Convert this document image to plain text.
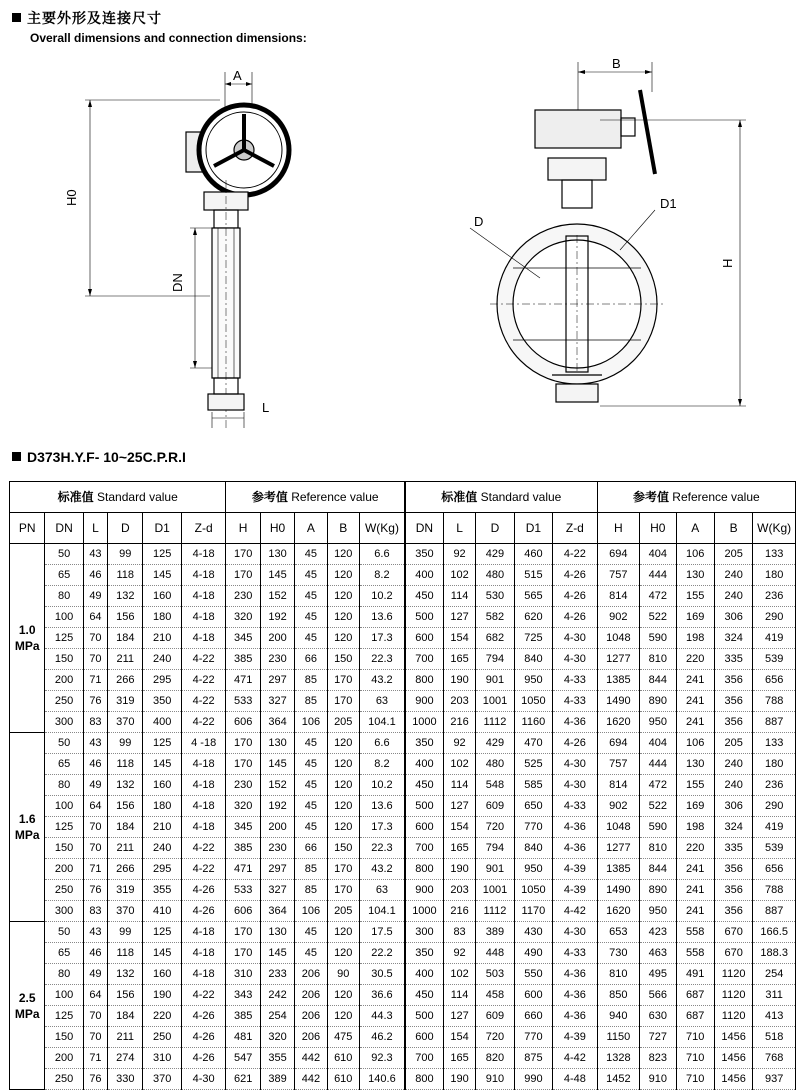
主要外形及连接尺寸
Overall dimensions and connection dimensions:
A
H0
DN
L
B
D
D1
H
D373H.Y.F- 10~25C.P.R.I
标准值 Standard value						参考值 Reference value					标准值 Standard value					参考值 Reference value				
PN	DN	L	D	D1	Z-d	H	H0	A	B	W(Kg)	DN	L	D	D1	Z-d	H	H0	A	B	W(Kg)

1.0
MPa	50	43	99	125	4-18	170	130	45	120	6.6	350	92	429	460	4-22	694	404	106	205	133
	65	46	118	145	4-18	170	145	45	120	8.2	400	102	480	515	4-26	757	444	130	240	180
	80	49	132	160	4-18	230	152	45	120	10.2	450	114	530	565	4-26	814	472	155	240	236
	100	64	156	180	4-18	320	192	45	120	13.6	500	127	582	620	4-26	902	522	169	306	290
	125	70	184	210	4-18	345	200	45	120	17.3	600	154	682	725	4-30	1048	590	198	324	419
	150	70	211	240	4-22	385	230	66	150	22.3	700	165	794	840	4-30	1277	810	220	335	539
	200	71	266	295	4-22	471	297	85	170	43.2	800	190	901	950	4-33	1385	844	241	356	656
	250	76	319	350	4-22	533	327	85	170	63	900	203	1001	1050	4-33	1490	890	241	356	788
	300	83	370	400	4-22	606	364	106	205	104.1	1000	216	1112	1160	4-36	1620	950	241	356	887

1.6
MPa	50	43	99	125	4 -18	170	130	45	120	6.6	350	92	429	470	4-26	694	404	106	205	133
	65	46	118	145	4-18	170	145	45	120	8.2	400	102	480	525	4-30	757	444	130	240	180
	80	49	132	160	4-18	230	152	45	120	10.2	450	114	548	585	4-30	814	472	155	240	236
	100	64	156	180	4-18	320	192	45	120	13.6	500	127	609	650	4-33	902	522	169	306	290
	125	70	184	210	4-18	345	200	45	120	17.3	600	154	720	770	4-36	1048	590	198	324	419
	150	70	211	240	4-22	385	230	66	150	22.3	700	165	794	840	4-36	1277	810	220	335	539
	200	71	266	295	4-22	471	297	85	170	43.2	800	190	901	950	4-39	1385	844	241	356	656
	250	76	319	355	4-26	533	327	85	170	63	900	203	1001	1050	4-39	1490	890	241	356	788
	300	83	370	410	4-26	606	364	106	205	104.1	1000	216	1112	1170	4-42	1620	950	241	356	887

2.5
MPa	50	43	99	125	4-18	170	130	45	120	17.5	300	83	389	430	4-30	653	423	558	670	166.5
	65	46	118	145	4-18	170	145	45	120	22.2	350	92	448	490	4-33	730	463	558	670	188.3
	80	49	132	160	4-18	310	233	206	90	30.5	400	102	503	550	4-36	810	495	491	1120	254
	100	64	156	190	4-22	343	242	206	120	36.6	450	114	458	600	4-36	850	566	687	1120	311
	125	70	184	220	4-26	385	254	206	120	44.3	500	127	609	660	4-36	940	630	687	1120	413
	150	70	211	250	4-26	481	320	206	475	46.2	600	154	720	770	4-39	1150	727	710	1456	518
	200	71	274	310	4-26	547	355	442	610	92.3	700	165	820	875	4-42	1328	823	710	1456	768
	250	76	330	370	4-30	621	389	442	610	140.6	800	190	910	990	4-48	1452	910	710	1456	937
